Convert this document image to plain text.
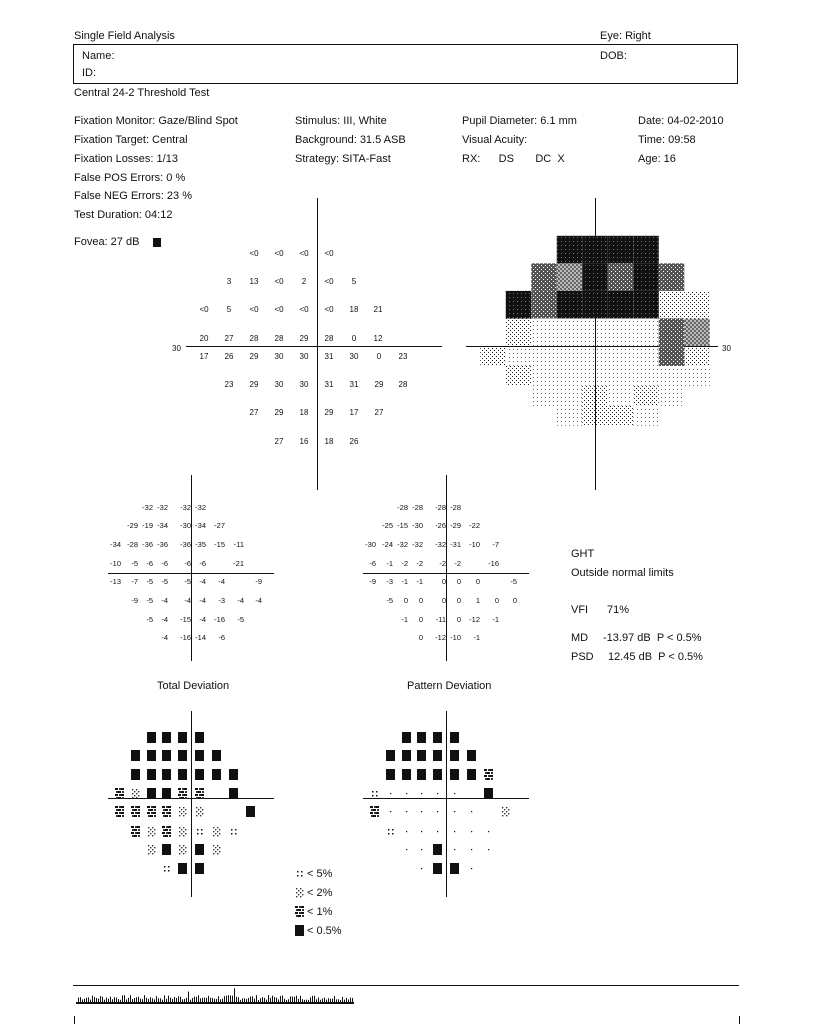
Single Field Analysis	Eye: Right
Name:	DOB:
ID:
Central 24-2 Threshold Test
Fixation Monitor: Gaze/Blind Spot
Fixation Target: Central
Fixation Losses: 1/13
False POS Errors: 0 %
False NEG Errors: 23 %
Test Duration: 04:12
Stimulus: III, White
Background: 31.5 ASB
Strategy: SITA-Fast
Pupil Diameter: 6.1 mm
Visual Acuity:
RX:      DS       DC  X
Date: 04-02-2010
Time: 09:58
Age: 16
Fovea: 27 dB
30
<0	<0	<0	<0
3	13	<0	2	<0	5
<0	5	<0	<0	<0	<0	18	21
20	27	28	28	29	28	0	12
17	26	29	30	30	31	30	0	23
23	29	30	30	31	31	29	28
27	29	18	29	17	27
27	16	18	26
30
-32 -32	-32 -32
-29 -19 -34	-30 -34	-27
-34 -28 -36 -36	-36 -35	-15	-11
-10	-5	-6	-6	-6	-6	-21
-13	-7	-5	-5	-5	-4	-4	-9
-9	-5	-4	-4	-4	-3	-4	-4
-5	-4	-15	-4	-16	-5
-4	-16 -14	-6
-28 -28	-28 -28
-25 -15 -30	-26 -29	-22
-30 -24 -32 -32	-32 -31	-10	-7
-6	-1	-2	-2	-2	-2	-16
-9	-3	-1	-1	0	0	0	-5
-5	0	0	0	0	1	0	0
-1	0	-11	0	-12	-1
0	-12 -10	-1
GHT
Outside normal limits
VFI 71%
MD -13.97 dB  P < 0.5%
PSD 12.45 dB  P < 0.5%
Total Deviation	Pattern Deviation
< 5%
< 2%
< 1%
< 0.5%
